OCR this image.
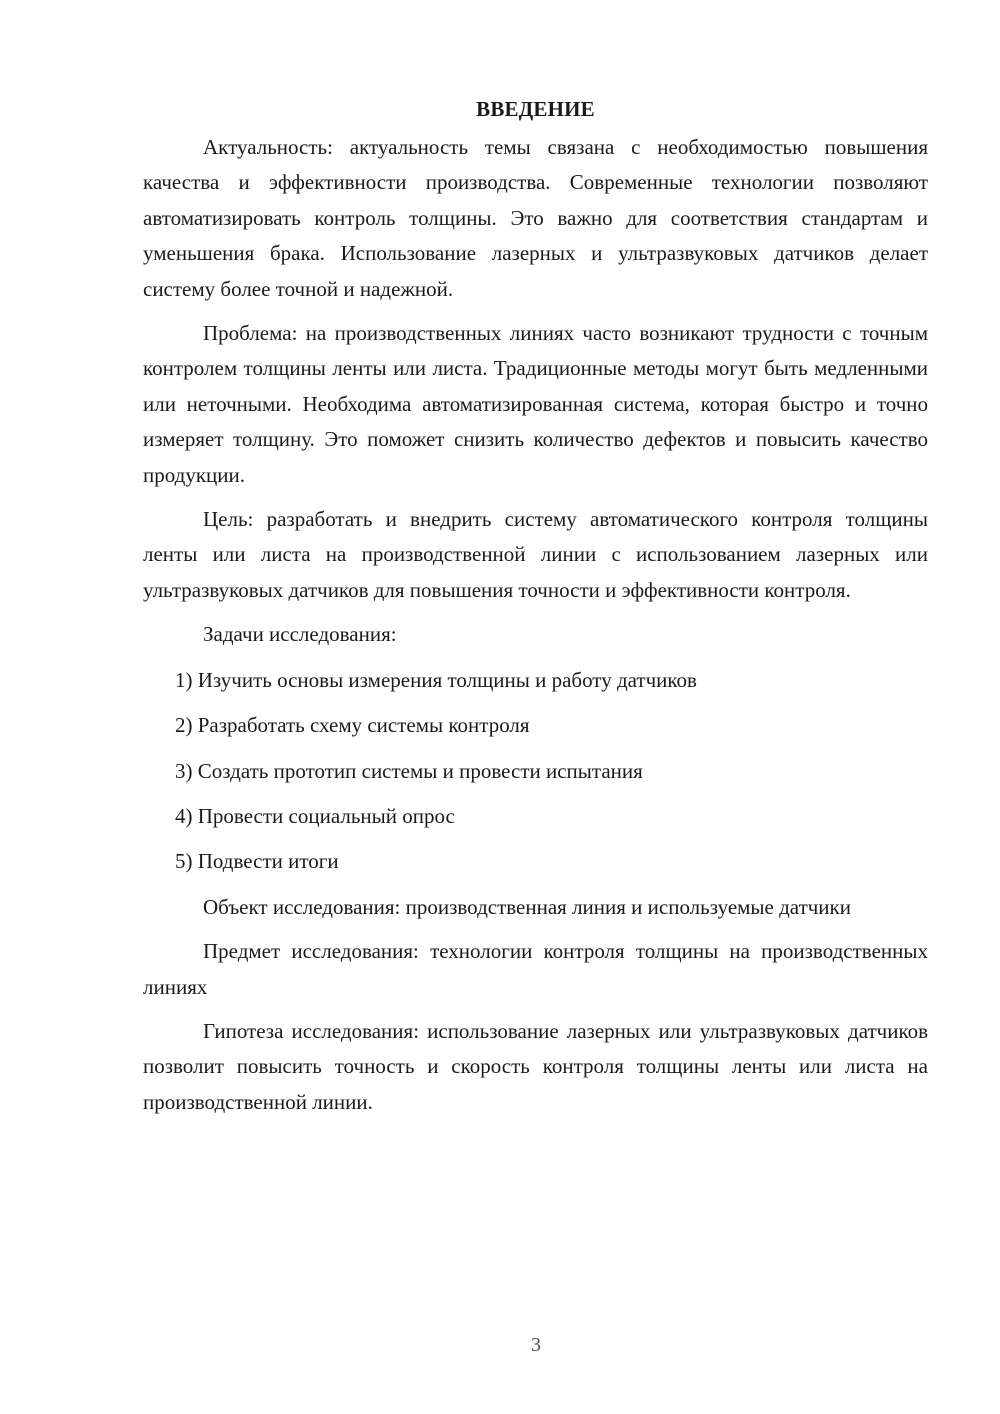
ВВЕДЕНИЕ

Актуальность: актуальность темы связана с необходимостью повышения качества и эффективности производства. Современные технологии позволяют автоматизировать контроль толщины. Это важно для соответствия стандартам и уменьшения брака. Использование лазерных и ультразвуковых датчиков делает систему более точной и надежной.

Проблема: на производственных линиях часто возникают трудности с точным контролем толщины ленты или листа. Традиционные методы могут быть медленными или неточными. Необходима автоматизированная система, которая быстро и точно измеряет толщину. Это поможет снизить количество дефектов и повысить качество продукции.

Цель: разработать и внедрить систему автоматического контроля толщины ленты или листа на производственной линии с использованием лазерных или ультразвуковых датчиков для повышения точности и эффективности контроля.

Задачи исследования:

1) Изучить основы измерения толщины и работу датчиков
2) Разработать схему системы контроля
3) Создать прототип системы и провести испытания
4) Провести социальный опрос
5) Подвести итоги

Объект исследования: производственная линия и используемые датчики

Предмет исследования: технологии контроля толщины на производственных линиях

Гипотеза исследования: использование лазерных или ультразвуковых датчиков позволит повысить точность и скорость контроля толщины ленты или листа на производственной линии.

3
